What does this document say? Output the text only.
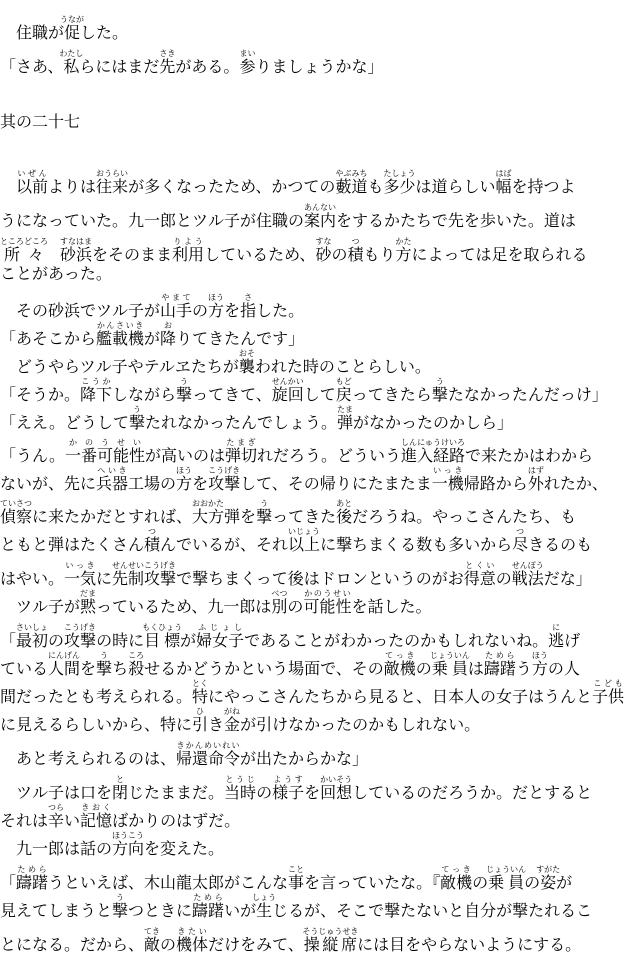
　住職が促うながした。
「さあ、私わたしらにはまだ先さきがある。参まいりましょうかな」
其の二十七
　以前いぜんよりは往来おうらいが多くなったため、かつての藪道やぶみちも多少たしょうは道らしい幅はばを持つよ
うになっていた。九一郎とツル子が住職の案内あんないをするかたちで先を歩いた。道は
所々ところどころ　砂浜すなはまをそのまま利用りようしているため、砂すなの積つもり方かたによっては足を取られる
ことがあった。
　その砂浜でツル子が山手やまての方ほうを指さした。
「あそこから艦載機かんさいきが降おりてきたんです」
　どうやらツル子やテルヱたちが襲おそわれた時のことらしい。
「そうか。降下こうかしながら撃うってきて、旋回せんかいして戻もどってきたら撃うたなかったんだっけ」
「ええ。どうして撃うたれなかったんでしょう。弾たまがなかったのかしら」
「うん。一番可能性かのうせいが高いのは弾切たまぎれだろう。どういう進入経路しんにゅうけいろで来たかはわから
ないが、先に兵器へいき工場の方ほうを攻撃こうげきして、その帰りにたまたま一機いっき帰路から外はずれたか、
偵察ていさつに来たかだとすれば、大方おおかた弾を撃うってきた後あとだろうね。やっこさんたち、も
ともと弾はたくさん積つんでいるが、それ以上いじょうに撃ちまくる数も多いから尽つきるのも
はやい。一気いっきに先制攻撃せんせいこうげきで撃ちまくって後はドロンというのがお得意とくいの戦法せんぽうだな」
　ツル子が黙だまっているため、九一郎は別べつの可能性かのうせいを話した。
「最初さいしょの攻撃こうげきの時に目標もくひょうが婦女子ふじょしであることがわかったのかもしれないね。逃にげ
ている人間にんげんを撃うち殺ころせるかどうかという場面で、その敵機てっきの乗員じょういんは躊躇ためらう方ほうの人
間だったとも考えられる。特とくにやっこさんたちから見ると、日本人の女子はうんと子供こども
に見えるらしいから、特に引ひき金がねが引けなかったのかもしれない。
　あと考えられるのは、帰還命令きかんめいれいが出たからかな」
　ツル子は口を閉とじたままだ。当時とうじの様子ようすを回想かいそうしているのだろうか。だとすると
それは辛つらい記憶きおくばかりのはずだ。
　九一郎は話の方向ほうこうを変えた。
「躊躇ためらうといえば、木山龍太郎がこんな事ことを言っていたな。『敵機てっきの乗員じょういんの姿すがたが
見えてしまうと撃うつときに躊躇ためらいが生しょうじるが、そこで撃たないと自分が撃たれるこ
とになる。だから、敵てきの機体きたいだけをみて、操縦席そうじゅうせきには目をやらないようにする。
